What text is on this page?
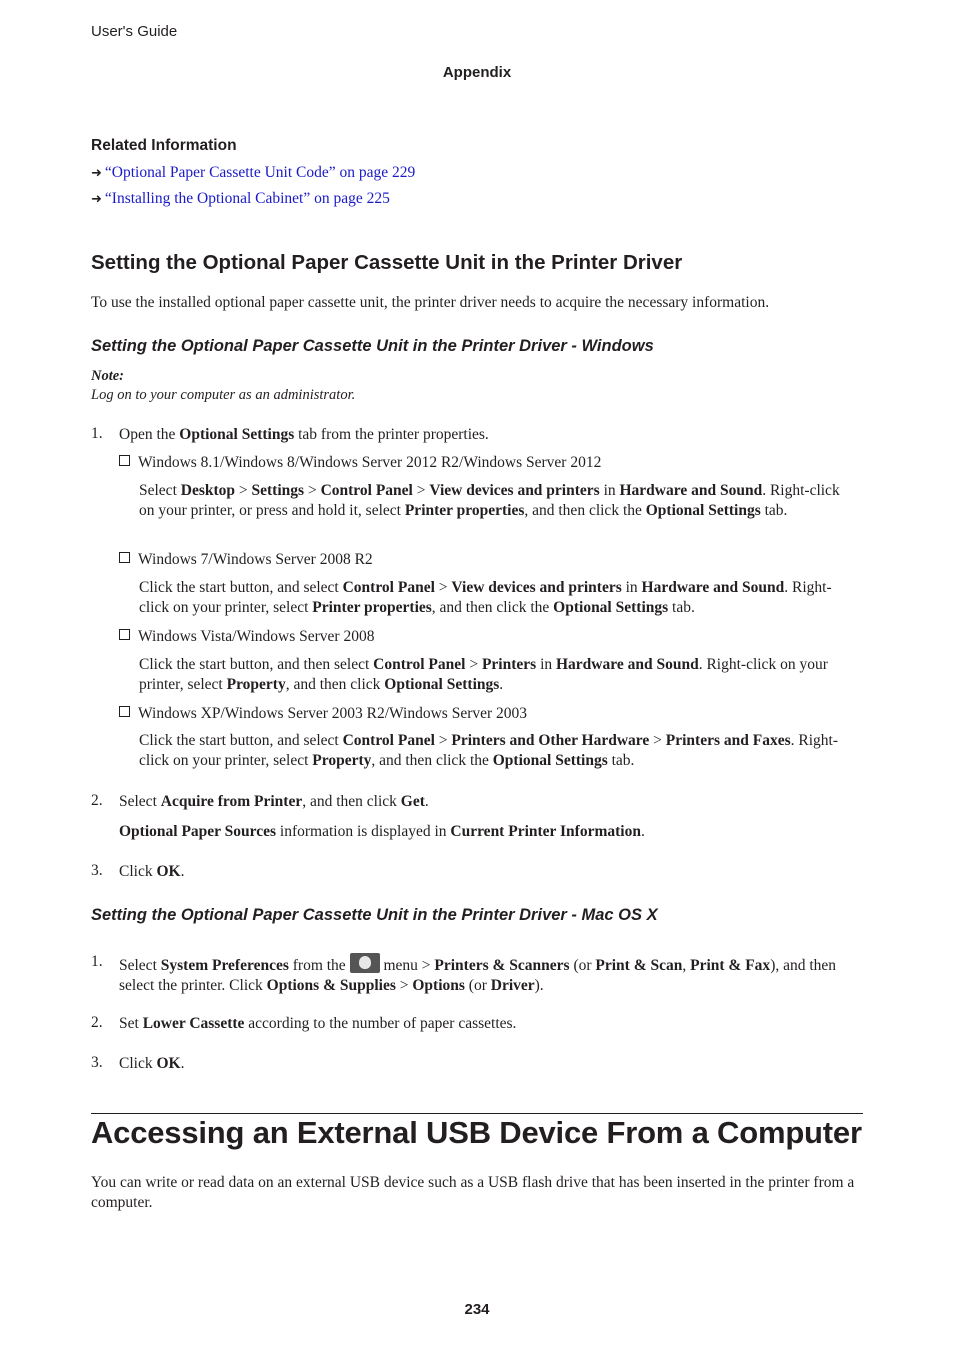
User's Guide
Appendix
Related Information
➜ “Optional Paper Cassette Unit Code” on page 229
➜ “Installing the Optional Cabinet” on page 225
Setting the Optional Paper Cassette Unit in the Printer Driver

To use the installed optional paper cassette unit, the printer driver needs to acquire the necessary information.

Setting the Optional Paper Cassette Unit in the Printer Driver - Windows
Note:
Log on to your computer as an administrator.
1. Open the Optional Settings tab from the printer properties.

Windows 8.1/Windows 8/Windows Server 2012 R2/Windows Server 2012

Select Desktop > Settings > Control Panel > View devices and printers in Hardware and Sound. Right-click on your printer, or press and hold it, select Printer properties, and then click the Optional Settings tab.

Windows 7/Windows Server 2008 R2

Click the start button, and select Control Panel > View devices and printers in Hardware and Sound. Right-click on your printer, select Printer properties, and then click the Optional Settings tab.

Windows Vista/Windows Server 2008

Click the start button, and then select Control Panel > Printers in Hardware and Sound. Right-click on your printer, select Property, and then click Optional Settings.

Windows XP/Windows Server 2003 R2/Windows Server 2003

Click the start button, and select Control Panel > Printers and Other Hardware > Printers and Faxes. Right-click on your printer, select Property, and then click the Optional Settings tab.

2. Select Acquire from Printer, and then click Get.

Optional Paper Sources information is displayed in Current Printer Information.

3. Click OK.

Setting the Optional Paper Cassette Unit in the Printer Driver - Mac OS X
1. Select System Preferences from the  menu > Printers & Scanners (or Print & Scan, Print & Fax), and then select the printer. Click Options & Supplies > Options (or Driver).

2. Set Lower Cassette according to the number of paper cassettes.

3. Click OK.

Accessing an External USB Device From a Computer

You can write or read data on an external USB device such as a USB flash drive that has been inserted in the printer from a computer.

234
